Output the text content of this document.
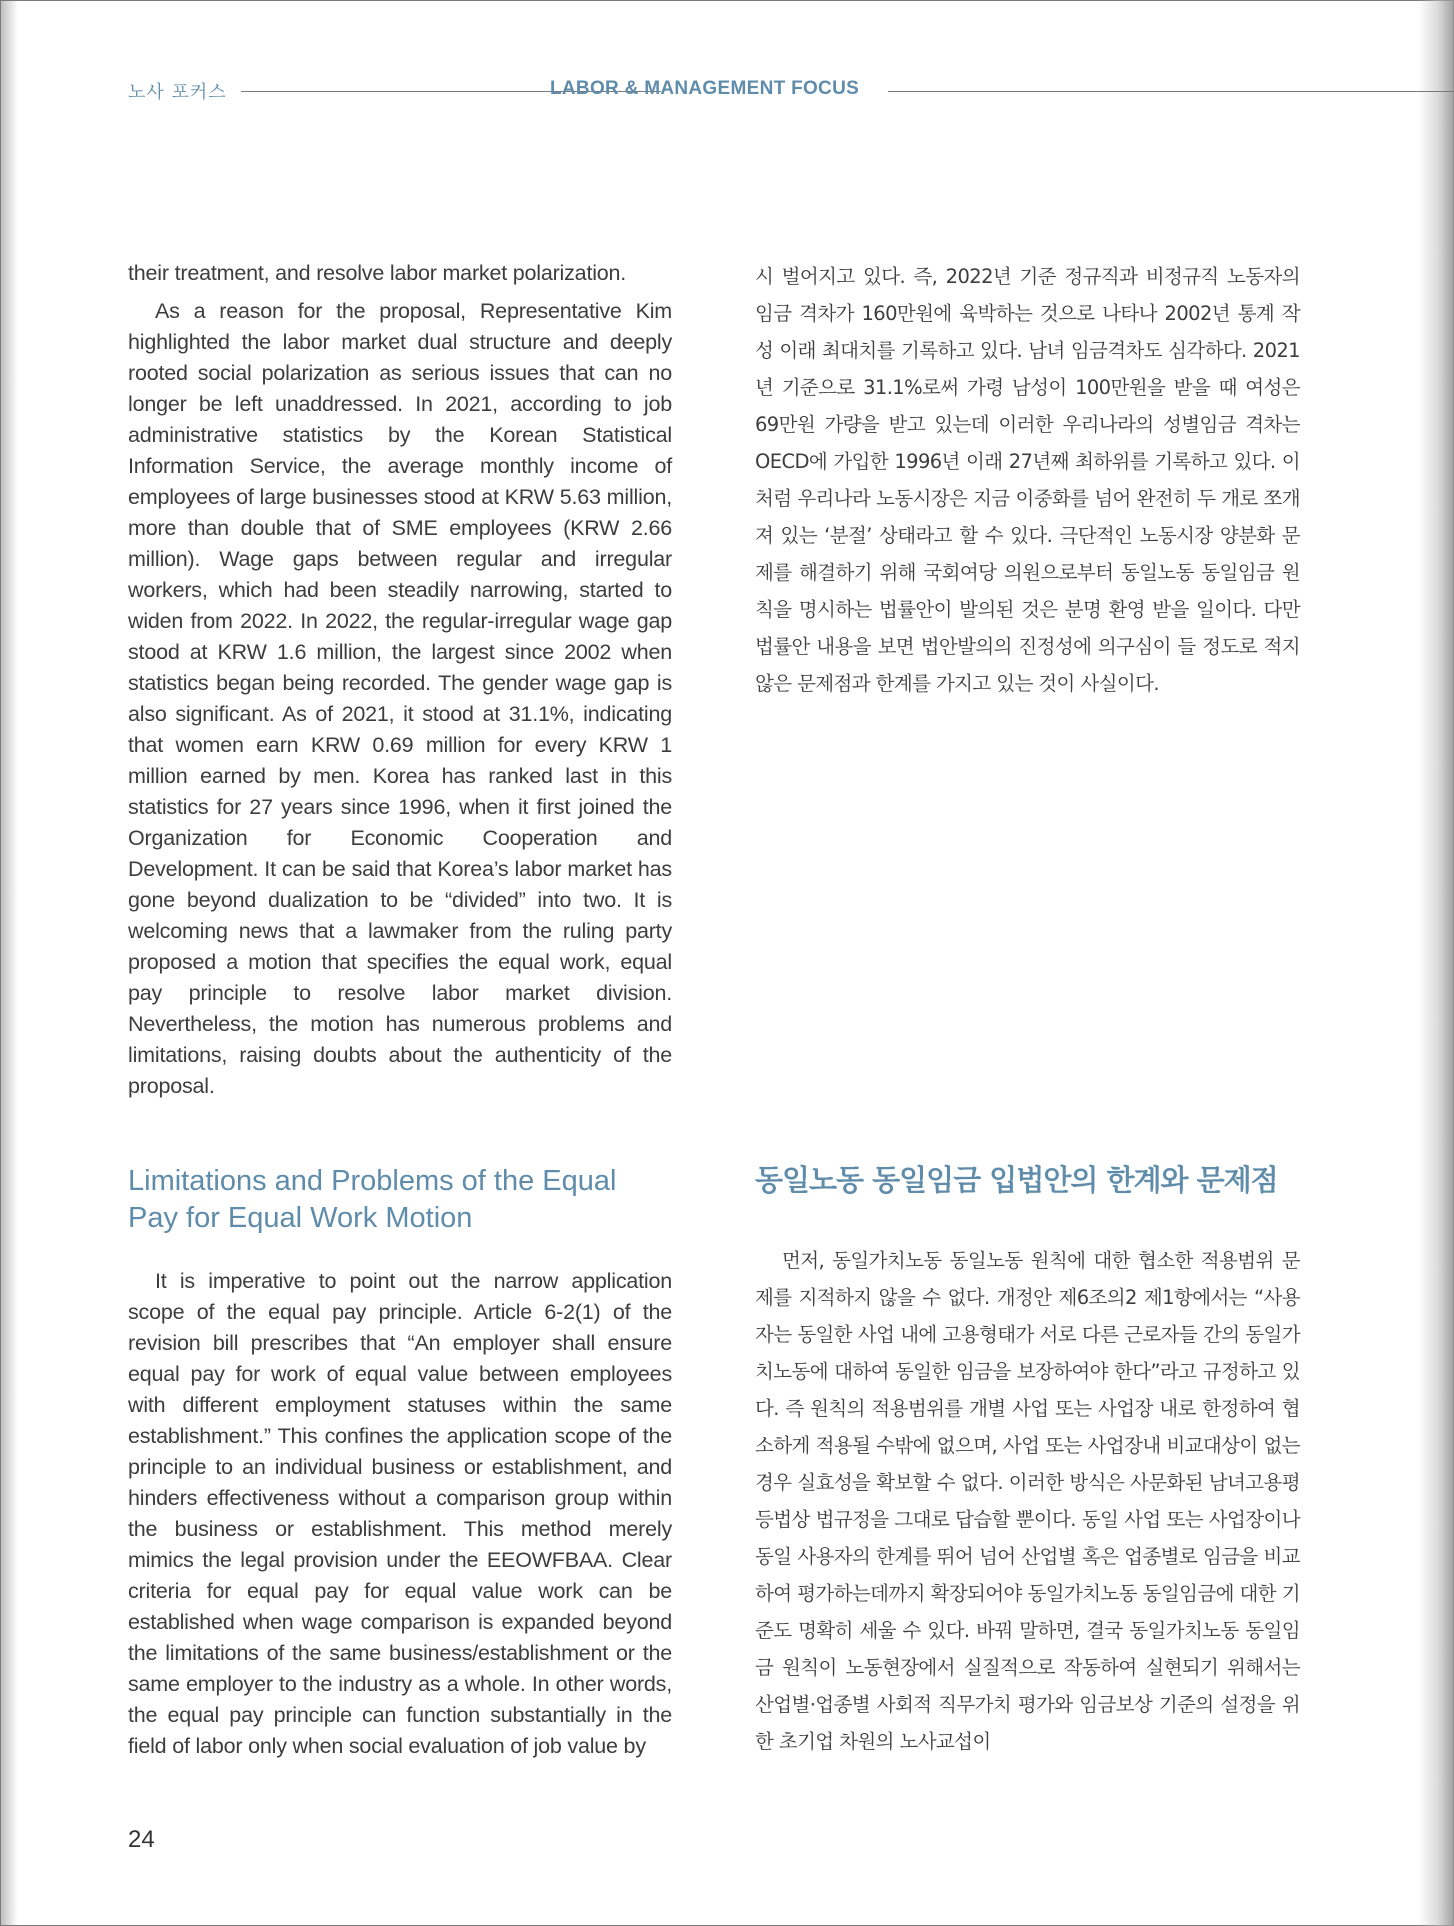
노사 포커스	LABOR & MANAGEMENT FOCUS

their treatment, and resolve labor market polarization.

As a reason for the proposal, Representative Kim highlighted the labor market dual structure and deeply rooted social polarization as serious issues that can no longer be left unaddressed. In 2021, according to job administrative statistics by the Korean Statistical Information Service, the average monthly income of employees of large businesses stood at KRW 5.63 million, more than double that of SME employees (KRW 2.66 million). Wage gaps between regular and irregular workers, which had been steadily narrowing, started to widen from 2022. In 2022, the regular-irregular wage gap stood at KRW 1.6 million, the largest since 2002 when statistics began being recorded. The gender wage gap is also significant. As of 2021, it stood at 31.1%, indicating that women earn KRW 0.69 million for every KRW 1 million earned by men. Korea has ranked last in this statistics for 27 years since 1996, when it first joined the Organization for Economic Cooperation and Development. It can be said that Korea’s labor market has gone beyond dualization to be “divided” into two. It is welcoming news that a lawmaker from the ruling party proposed a motion that specifies the equal work, equal pay principle to resolve labor market division. Nevertheless, the motion has numerous problems and limitations, raising doubts about the authenticity of the proposal.

시 벌어지고 있다. 즉, 2022년 기준 정규직과 비정규직 노동자의 임금 격차가 160만원에 육박하는 것으로 나타나 2002년 통계 작성 이래 최대치를 기록하고 있다. 남녀 임금격차도 심각하다. 2021년 기준으로 31.1%로써 가령 남성이 100만원을 받을 때 여성은 69만원 가량을 받고 있는데 이러한 우리나라의 성별임금 격차는 OECD에 가입한 1996년 이래 27년째 최하위를 기록하고 있다. 이처럼 우리나라 노동시장은 지금 이중화를 넘어 완전히 두 개로 쪼개져 있는 ‘분절’ 상태라고 할 수 있다. 극단적인 노동시장 양분화 문제를 해결하기 위해 국회여당 의원으로부터 동일노동 동일임금 원칙을 명시하는 법률안이 발의된 것은 분명 환영 받을 일이다. 다만 법률안 내용을 보면 법안발의의 진정성에 의구심이 들 정도로 적지 않은 문제점과 한계를 가지고 있는 것이 사실이다.

Limitations and Problems of the Equal Pay for Equal Work Motion
동일노동 동일임금 입법안의 한계와 문제점

It is imperative to point out the narrow application scope of the equal pay principle. Article 6-2(1) of the revision bill prescribes that “An employer shall ensure equal pay for work of equal value between employees with different employment statuses within the same establishment.” This confines the application scope of the principle to an individual business or establishment, and hinders effectiveness without a comparison group within the business or establishment. This method merely mimics the legal provision under the EEOWFBAA. Clear criteria for equal pay for equal value work can be established when wage comparison is expanded beyond the limitations of the same business/establishment or the same employer to the industry as a whole. In other words, the equal pay principle can function substantially in the field of labor only when social evaluation of job value by

먼저, 동일가치노동 동일노동 원칙에 대한 협소한 적용범위 문제를 지적하지 않을 수 없다. 개정안 제6조의2 제1항에서는 “사용자는 동일한 사업 내에 고용형태가 서로 다른 근로자들 간의 동일가치노동에 대하여 동일한 임금을 보장하여야 한다”라고 규정하고 있다. 즉 원칙의 적용범위를 개별 사업 또는 사업장 내로 한정하여 협소하게 적용될 수밖에 없으며, 사업 또는 사업장내 비교대상이 없는 경우 실효성을 확보할 수 없다. 이러한 방식은 사문화된 남녀고용평등법상 법규정을 그대로 답습할 뿐이다. 동일 사업 또는 사업장이나 동일 사용자의 한계를 뛰어 넘어 산업별 혹은 업종별로 임금을 비교하여 평가하는데까지 확장되어야 동일가치노동 동일임금에 대한 기준도 명확히 세울 수 있다. 바꿔 말하면, 결국 동일가치노동 동일임금 원칙이 노동현장에서 실질적으로 작동하여 실현되기 위해서는 산업별·업종별 사회적 직무가치 평가와 임금보상 기준의 설정을 위한 초기업 차원의 노사교섭이

24
